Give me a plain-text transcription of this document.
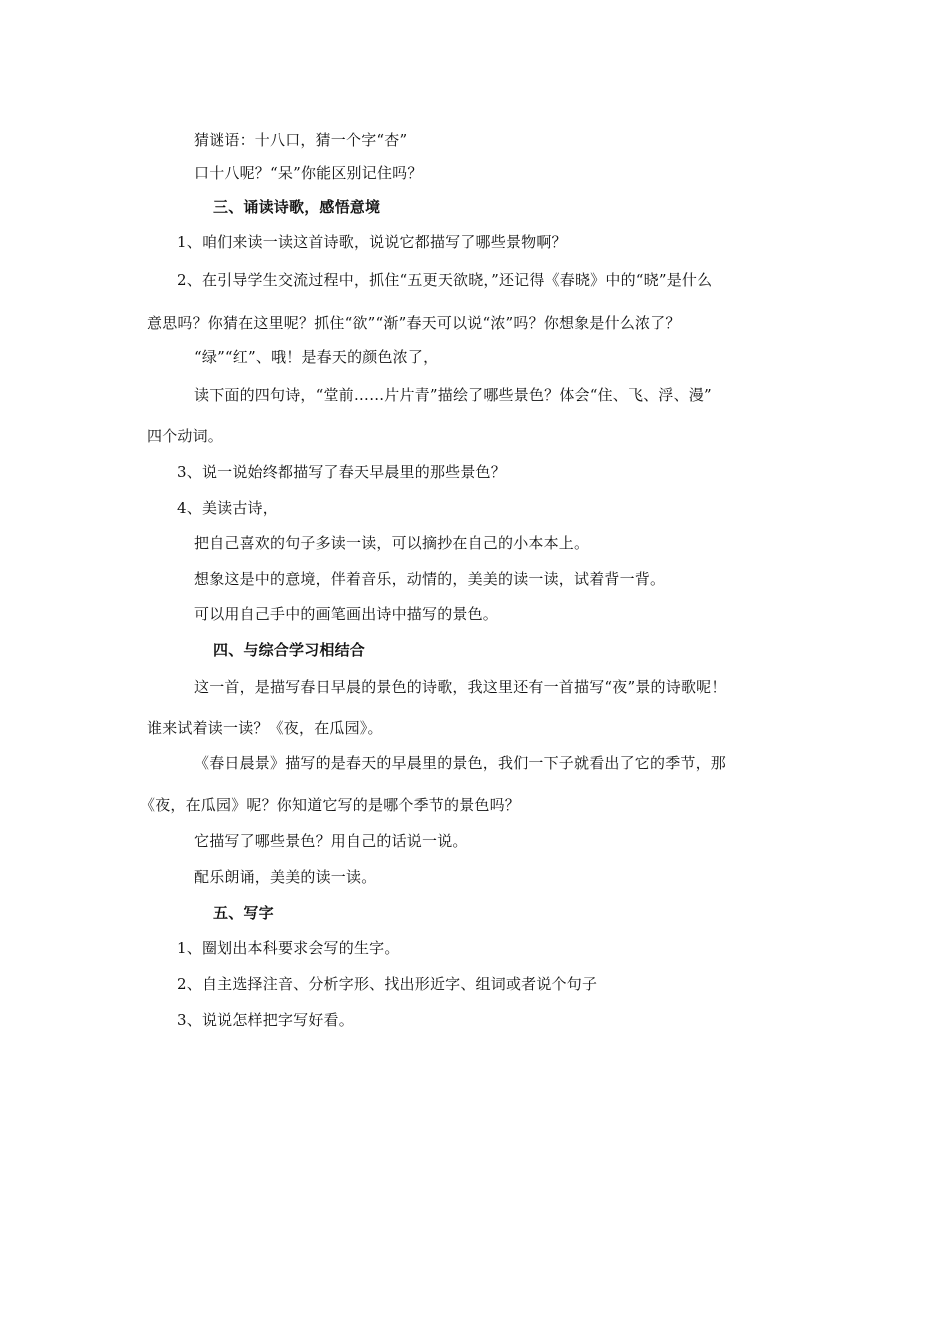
猜谜语：十八口，猜一个字“杏”
口十八呢？“呆”你能区别记住吗？
三、诵读诗歌，感悟意境
1、咱们来读一读这首诗歌，说说它都描写了哪些景物啊？
2、在引导学生交流过程中，抓住“五更天欲晓，”还记得《春晓》中的“晓”是什么
意思吗？你猜在这里呢？抓住“欲”“渐”春天可以说“浓”吗？你想象是什么浓了？
“绿”“红”、哦！是春天的颜色浓了，
读下面的四句诗，“堂前……片片青”描绘了哪些景色？体会“住、飞、浮、漫”
四个动词。
3、说一说始终都描写了春天早晨里的那些景色？
4、美读古诗，
把自己喜欢的句子多读一读，可以摘抄在自己的小本本上。
想象这是中的意境，伴着音乐，动情的，美美的读一读，试着背一背。
可以用自己手中的画笔画出诗中描写的景色。
四、与综合学习相结合
这一首，是描写春日早晨的景色的诗歌，我这里还有一首描写“夜”景的诗歌呢！
谁来试着读一读？《夜，在瓜园》。
《春日晨景》描写的是春天的早晨里的景色，我们一下子就看出了它的季节，那
《夜，在瓜园》呢？你知道它写的是哪个季节的景色吗？
它描写了哪些景色？用自己的话说一说。
配乐朗诵，美美的读一读。
五、写字
1、圈划出本科要求会写的生字。
2、自主选择注音、分析字形、找出形近字、组词或者说个句子
3、说说怎样把字写好看。
